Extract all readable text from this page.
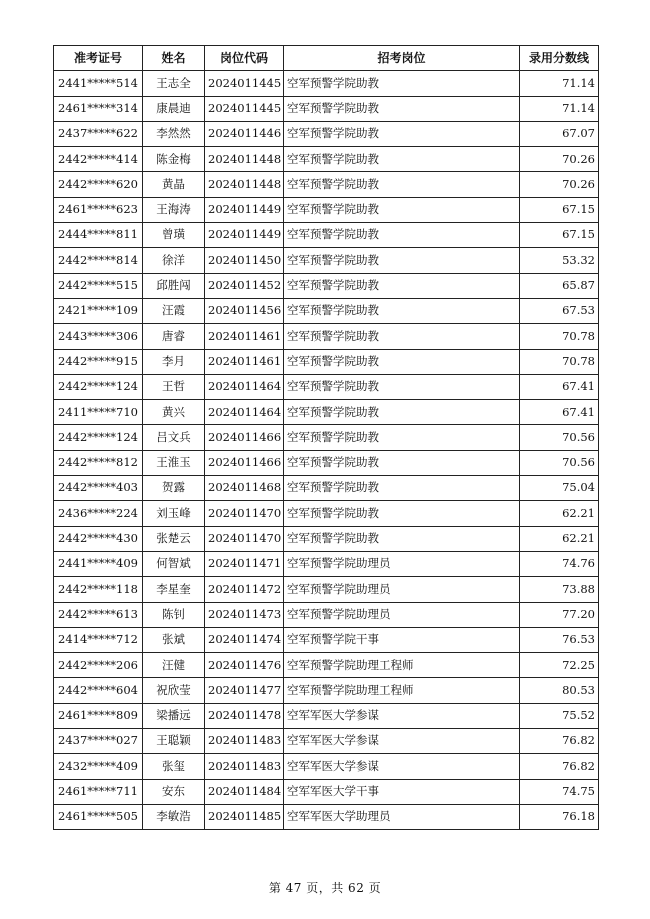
准考证号	姓名	岗位代码	招考岗位	录用分数线
2441*****514	王志全	2024011445	空军预警学院助教	71.14
2461*****314	康晨迪	2024011445	空军预警学院助教	71.14
2437*****622	李然然	2024011446	空军预警学院助教	67.07
2442*****414	陈金梅	2024011448	空军预警学院助教	70.26
2442*****620	黄晶	2024011448	空军预警学院助教	70.26
2461*****623	王海涛	2024011449	空军预警学院助教	67.15
2444*****811	曾璜	2024011449	空军预警学院助教	67.15
2442*****814	徐洋	2024011450	空军预警学院助教	53.32
2442*****515	邱胜闯	2024011452	空军预警学院助教	65.87
2421*****109	汪霞	2024011456	空军预警学院助教	67.53
2443*****306	唐睿	2024011461	空军预警学院助教	70.78
2442*****915	李月	2024011461	空军预警学院助教	70.78
2442*****124	王哲	2024011464	空军预警学院助教	67.41
2411*****710	黄兴	2024011464	空军预警学院助教	67.41
2442*****124	吕文兵	2024011466	空军预警学院助教	70.56
2442*****812	王淮玉	2024011466	空军预警学院助教	70.56
2442*****403	贺露	2024011468	空军预警学院助教	75.04
2436*****224	刘玉峰	2024011470	空军预警学院助教	62.21
2442*****430	张楚云	2024011470	空军预警学院助教	62.21
2441*****409	何智斌	2024011471	空军预警学院助理员	74.76
2442*****118	李星奎	2024011472	空军预警学院助理员	73.88
2442*****613	陈钊	2024011473	空军预警学院助理员	77.20
2414*****712	张斌	2024011474	空军预警学院干事	76.53
2442*****206	汪健	2024011476	空军预警学院助理工程师	72.25
2442*****604	祝欣莹	2024011477	空军预警学院助理工程师	80.53
2461*****809	梁播远	2024011478	空军军医大学参谋	75.52
2437*****027	王聪颖	2024011483	空军军医大学参谋	76.82
2432*****409	张玺	2024011483	空军军医大学参谋	76.82
2461*****711	安东	2024011484	空军军医大学干事	74.75
2461*****505	李敏浩	2024011485	空军军医大学助理员	76.18
第 47 页，共 62 页
